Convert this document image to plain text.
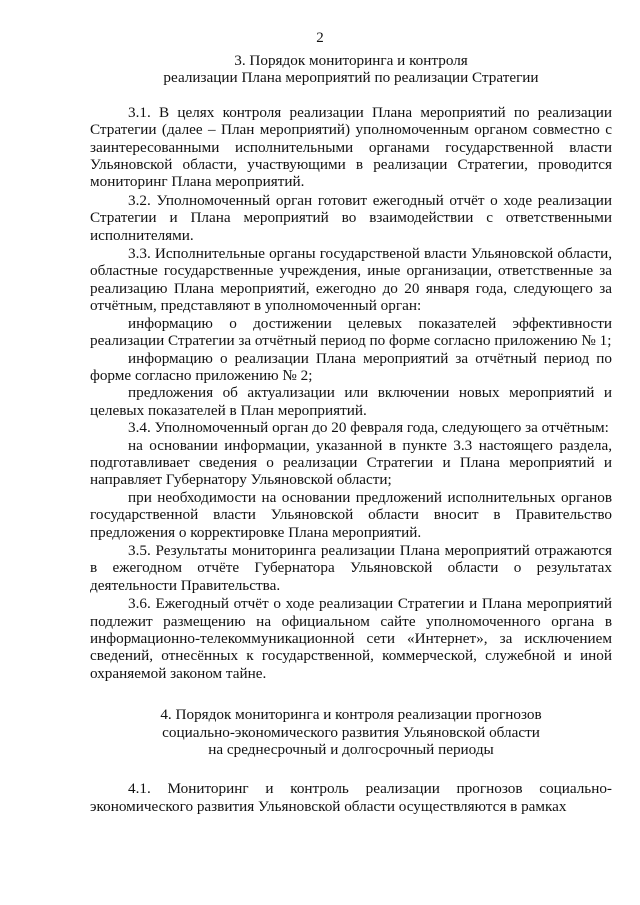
2
3. Порядок мониторинга и контроля
реализации Плана мероприятий по реализации Стратегии

3.1. В целях контроля реализации Плана мероприятий по реализации Стратегии (далее – План мероприятий) уполномоченным органом совместно с заинтересованными исполнительными органами государственной власти Ульяновской области, участвующими в реализации Стратегии, проводится мониторинг Плана мероприятий.

3.2. Уполномоченный орган готовит ежегодный отчёт о ходе реализации Стратегии и Плана мероприятий во взаимодействии с ответственными исполнителями.

3.3. Исполнительные органы государственой власти Ульяновской области, областные государственные учреждения, иные организации, ответственные за реализацию Плана мероприятий, ежегодно до 20 января года, следующего за отчётным, представляют в уполномоченный орган:

информацию о достижении целевых показателей эффективности реализации Стратегии за отчётный период по форме согласно приложению № 1;

информацию о реализации Плана мероприятий за отчётный период по форме согласно приложению № 2;

предложения об актуализации или включении новых мероприятий и целевых показателей в План мероприятий.

3.4. Уполномоченный орган до 20 февраля года, следующего за отчётным:

на основании информации, указанной в пункте 3.3 настоящего раздела, подготавливает сведения о реализации Стратегии и Плана мероприятий и направляет Губернатору Ульяновской области;

при необходимости на основании предложений исполнительных органов государственной власти Ульяновской области вносит в Правительство предложения о корректировке Плана мероприятий.

3.5. Результаты мониторинга реализации Плана мероприятий отражаются в ежегодном отчёте Губернатора Ульяновской области о результатах деятельности Правительства.

3.6. Ежегодный отчёт о ходе реализации Стратегии и Плана мероприятий подлежит размещению на официальном сайте уполномоченного органа в информационно-телекоммуникационной сети «Интернет», за исключением сведений, отнесённых к государственной, коммерческой, служебной и иной охраняемой законом тайне.

4. Порядок мониторинга и контроля реализации прогнозов
социально-экономического развития Ульяновской области
на среднесрочный и долгосрочный периоды

4.1. Мониторинг и контроль реализации прогнозов социально-экономического развития Ульяновской области осуществляются в рамках
